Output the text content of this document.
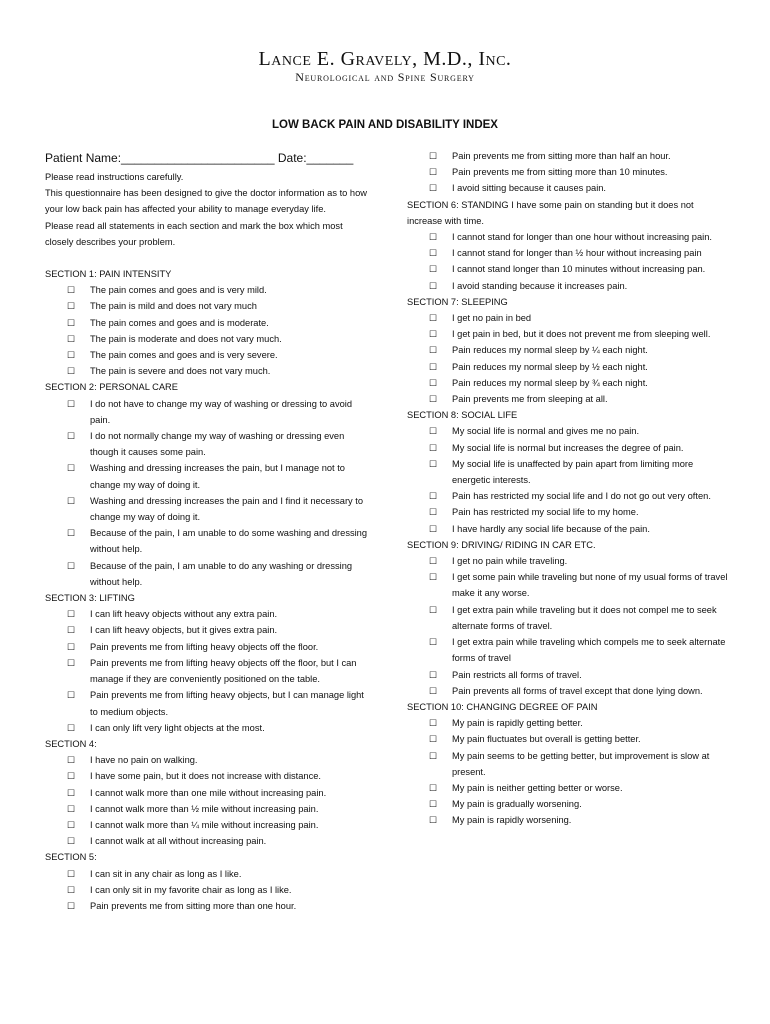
Lance E. Gravely, M.D., Inc.
Neurological and Spine Surgery
LOW BACK PAIN AND DISABILITY INDEX
Patient Name:_______________________ Date:_______

Please read instructions carefully.

This questionnaire has been designed to give the doctor information as to how your low back pain has affected your ability to manage everyday life.

Please read all statements in each section and mark the box which most closely describes your problem.

SECTION 1: PAIN INTENSITY

☐ The pain comes and goes and is very mild.
☐ The pain is mild and does not vary much
☐ The pain comes and goes and is moderate.
☐ The pain is moderate and does not vary much.
☐ The pain comes and goes and is very severe.
☐ The pain is severe and does not vary much.

SECTION 2: PERSONAL CARE

☐ I do not have to change my way of washing or dressing to avoid pain.
☐ I do not normally change my way of washing or dressing even though it causes some pain.
☐ Washing and dressing increases the pain, but I manage not to change my way of doing it.
☐ Washing and dressing increases the pain and I find it necessary to change my way of doing it.
☐ Because of the pain, I am unable to do some washing and dressing without help.
☐ Because of the pain, I am unable to do any washing or dressing without help.

SECTION 3: LIFTING

☐ I can lift heavy objects without any extra pain.
☐ I can lift heavy objects, but it gives extra pain.
☐ Pain prevents me from lifting heavy objects off the floor.
☐ Pain prevents me from lifting heavy objects off the floor, but I can manage if they are conveniently positioned on the table.
☐ Pain prevents me from lifting heavy objects, but I can manage light to medium objects.
☐ I can only lift very light objects at the most.

SECTION 4:

☐ I have no pain on walking.
☐ I have some pain, but it does not increase with distance.
☐ I cannot walk more than one mile without increasing pain.
☐ I cannot walk more than ½ mile without increasing pain.
☐ I cannot walk more than ¼ mile without increasing pain.
☐ I cannot walk at all without increasing pain.

SECTION 5:

☐ I can sit in any chair as long as I like.
☐ I can only sit in my favorite chair as long as I like.
☐ Pain prevents me from sitting more than one hour.
☐ Pain prevents me from sitting more than half an hour.
☐ Pain prevents me from sitting more than 10 minutes.
☐ I avoid sitting because it causes pain.

SECTION 6: STANDING I have some pain on standing but it does not increase with time.

☐ I cannot stand for longer than one hour without increasing pain.
☐ I cannot stand for longer than ½ hour without increasing pain
☐ I cannot stand longer than 10 minutes without increasing pan.
☐ I avoid standing because it increases pain.

SECTION 7: SLEEPING

☐ I get no pain in bed
☐ I get pain in bed, but it does not prevent me from sleeping well.
☐ Pain reduces my normal sleep by ¼ each night.
☐ Pain reduces my normal sleep by ½ each night.
☐ Pain reduces my normal sleep by ¾ each night.
☐ Pain prevents me from sleeping at all.

SECTION 8: SOCIAL LIFE

☐ My social life is normal and gives me no pain.
☐ My social life is normal but increases the degree of pain.
☐ My social life is unaffected by pain apart from limiting more energetic interests.
☐ Pain has restricted my social life and I do not go out very often.
☐ Pain has restricted my social life to my home.
☐ I have hardly any social life because of the pain.

SECTION 9: DRIVING/ RIDING IN CAR ETC.

☐ I get no pain while traveling.
☐ I get some pain while traveling but none of my usual forms of travel make it any worse.
☐ I get extra pain while traveling but it does not compel me to seek alternate forms of travel.
☐ I get extra pain while traveling which compels me to seek alternate forms of travel
☐ Pain restricts all forms of travel.
☐ Pain prevents all forms of travel except that done lying down.

SECTION 10: CHANGING DEGREE OF PAIN

☐ My pain is rapidly getting better.
☐ My pain fluctuates but overall is getting better.
☐ My pain seems to be getting better, but improvement is slow at present.
☐ My pain is neither getting better or worse.
☐ My pain is gradually worsening.
☐ My pain is rapidly worsening.
